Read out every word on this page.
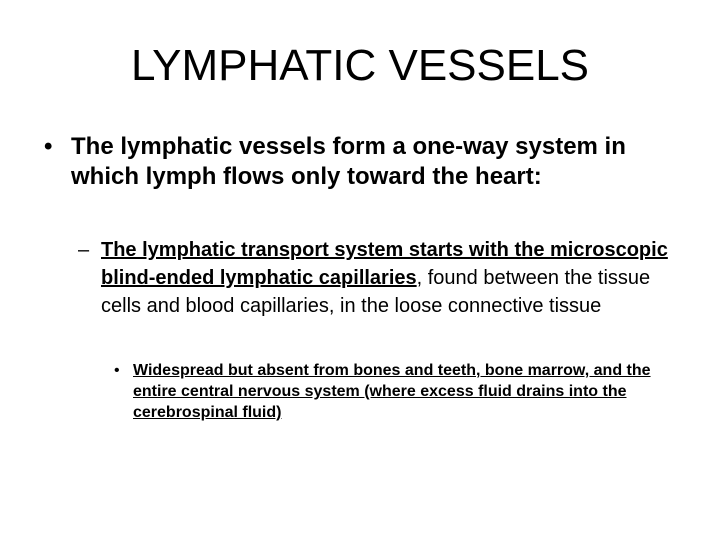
LYMPHATIC VESSELS
• The lymphatic vessels form a one-way system in which lymph flows only toward the heart:
– The lymphatic transport system starts with the microscopic blind-ended lymphatic capillaries, found between the tissue cells and blood capillaries, in the loose connective tissue
• Widespread but absent from bones and teeth, bone marrow, and the entire central nervous system (where excess fluid drains into the cerebrospinal fluid)
